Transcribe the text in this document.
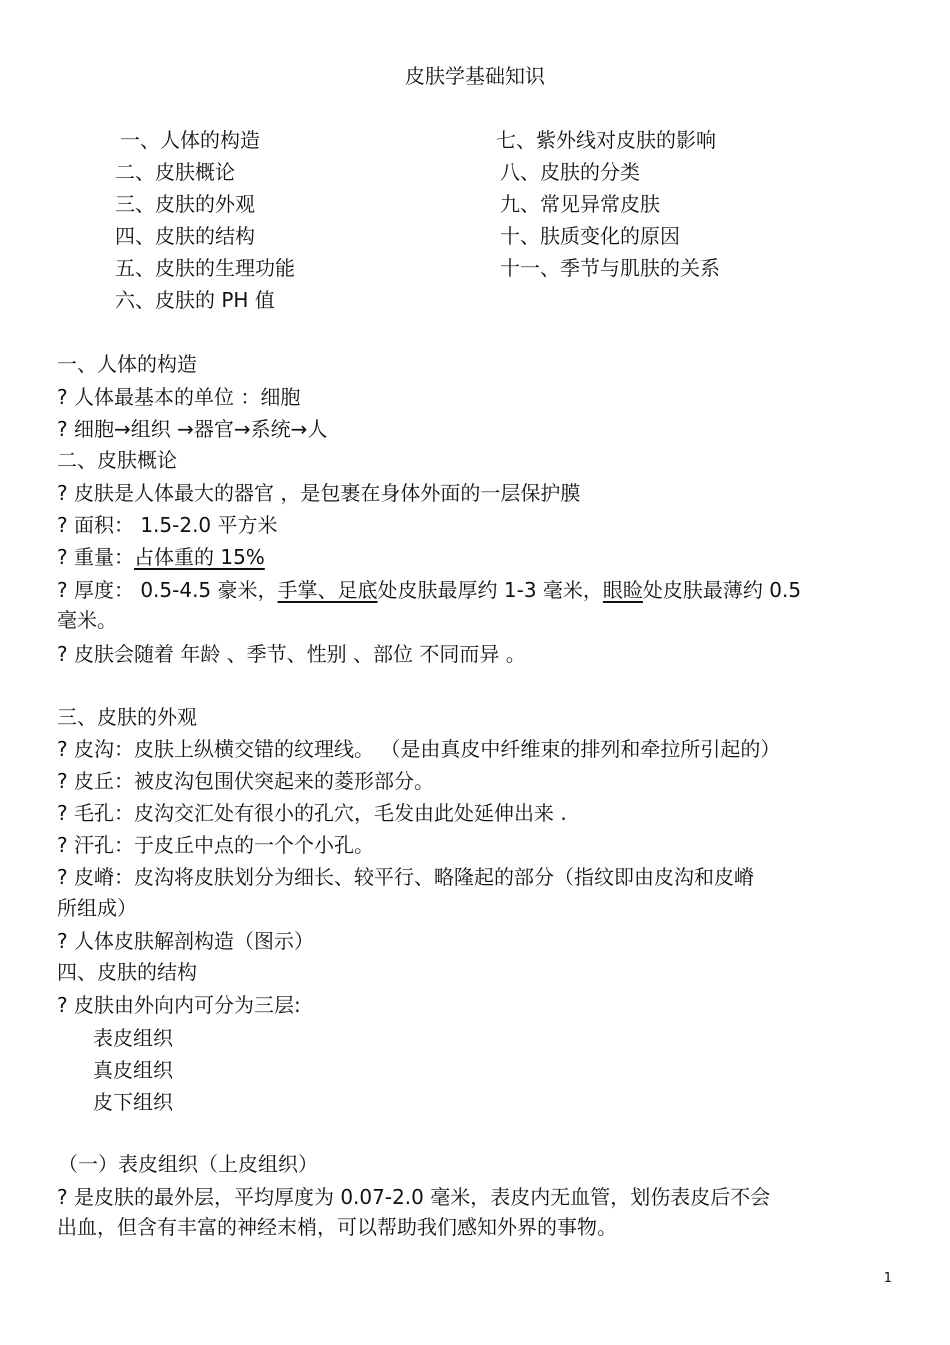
皮肤学基础知识
一、人体的构造
二、皮肤概论
三、皮肤的外观
四、皮肤的结构
五、皮肤的生理功能
六、皮肤的 PH 值
七、紫外线对皮肤的影响
八、皮肤的分类
九、常见异常皮肤
十、肤质变化的原因
十一、季节与肌肤的关系
一、人体的构造
? 人体最基本的单位 ：细胞
? 细胞→组织 →器官→系统→人
二、皮肤概论
? 皮肤是人体最大的器官 ，是包裹在身体外面的一层保护膜
? 面积： 1.5-2.0 平方米
? 重量：占体重的 15%
? 厚度： 0.5-4.5 豪米，手掌、足底处皮肤最厚约 1-3 毫米，眼睑处皮肤最薄约 0.5
毫米。
? 皮肤会随着 年龄 、季节、性别 、部位 不同而异 。
三、皮肤的外观
? 皮沟：皮肤上纵横交错的纹理线。 （是由真皮中纤维束的排列和牵拉所引起的）
? 皮丘：被皮沟包围伏突起来的菱形部分。
? 毛孔：皮沟交汇处有很小的孔穴，毛发由此处延伸出来 .
? 汗孔：于皮丘中点的一个个小孔。
? 皮嵴：皮沟将皮肤划分为细长、较平行、略隆起的部分（指纹即由皮沟和皮嵴
所组成）
? 人体皮肤解剖构造（图示）
四、皮肤的结构
? 皮肤由外向内可分为三层:
表皮组织
真皮组织
皮下组织
（一）表皮组织（上皮组织）
? 是皮肤的最外层，平均厚度为 0.07-2.0 毫米，表皮内无血管，划伤表皮后不会
出血，但含有丰富的神经末梢，可以帮助我们感知外界的事物。
1
